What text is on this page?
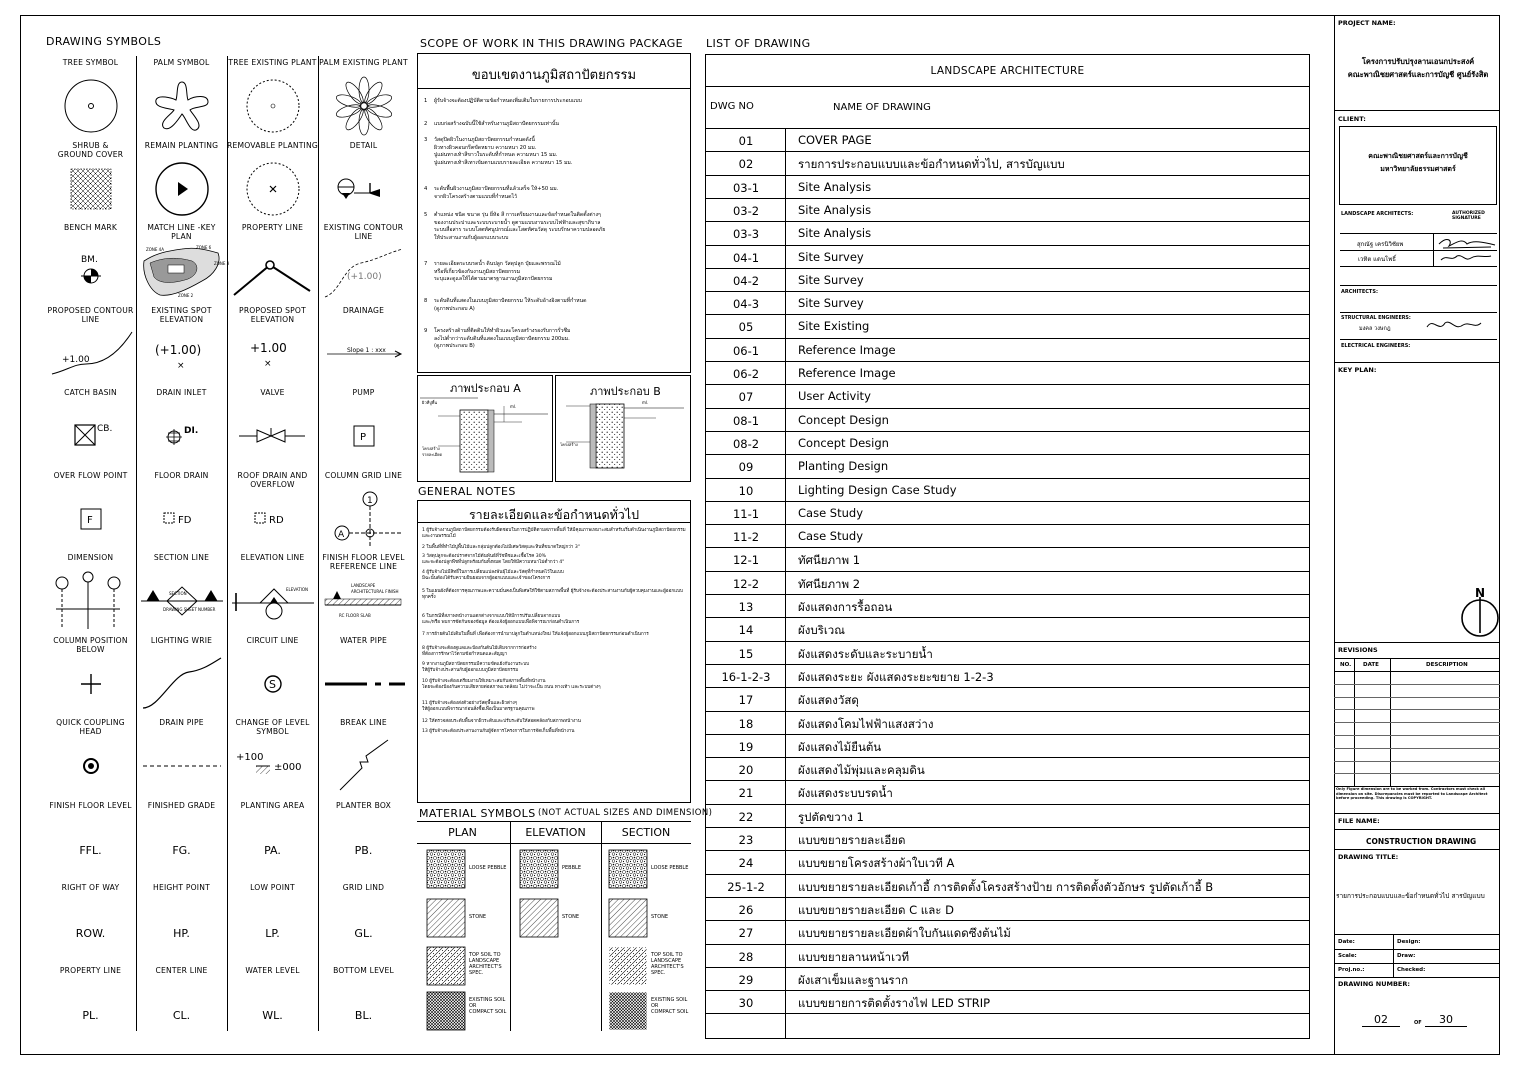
DRAWING SYMBOLS
TREE SYMBOL	PALM SYMBOL	TREE EXISTING PLANT PALM EXISTING PLANT
SHRUB &
GROUND COVER
REMAIN PLANTING	REMOVABLE PLANTING	DETAIL
BENCH MARK
BM.
MATCH LINE -KEY PLAN
ZONE 4A	ZONE 6
ZONE 3
ZONE 2
PROPERTY LINE	EXISTING CONTOUR
LINE
(+1.00)
PROPOSED CONTOUR
LINE
+1.00
EXISTING SPOT
ELEVATION
(+1.00)
×
PROPOSED SPOT
ELEVATION
+1.00
×
DRAINAGE
Slope 1 : xxx
CATCH BASIN
CB.
DRAIN INLET
DI.
VALVE	PUMP
P
OVER FLOW POINT
F
FLOOR DRAIN
FD
ROOF DRAIN AND
OVERFLOW
RD
COLUMN GRID LINE
1
A
DIMENSION	SECTION LINE
SECTION
DRAWING SHEET NUMBER
ELEVATION LINE
ELEVATION
FINISH FLOOR LEVEL
REFERENCE LINE
LANDSCAPE
ARCHITECTURAL FINISH
RC FLOOR SLAB
COLUMN POSITION
BELOW
LIGHTING WRIE	CIRCUIT LINE
S
WATER PIPE
QUICK COUPLING HEAD
DRAIN PIPE	CHANGE OF LEVEL
SYMBOL
+100
±000
BREAK LINE
FINISH FLOOR LEVEL
FFL.
FINISHED GRADE
FG.
PLANTING AREA
PA.
PLANTER BOX
PB.
RIGHT OF WAY
ROW.
HEIGHT POINT
HP.
LOW POINT
LP.
GRID LIND
GL.
PROPERTY LINE
PL.
CENTER LINE
CL.
WATER LEVEL
WL.
BOTTOM LEVEL
BL.
SCOPE OF WORK IN THIS DRAWING PACKAGE
ขอบเขตงานภูมิสถาปัตยกรรม
1 ผู้รับจ้างจะต้องปฏิบัติตามข้อกำหนดเพิ่มเติมในรายการประกอบแบบ
2 แบบก่อสร้างฉบับนี้ใช้สำหรับงานภูมิสถาปัตยกรรมเท่านั้น
3 วัสดุปิดผิวในงานภูมิสถาปัตยกรรมกำหนดดังนี้
ผิวทางผิวคอนกรีตขัดหยาบ ความหนา 20 มม.
ปูแผ่นทางเท้าสีขาวในระดับที่กำหนด ความหนา 15 มม.
ปูแผ่นทางเท้าสีเทาเข้มตามแบบรายละเอียด ความหนา 15 มม.
4 ระดับพื้นผิวงานภูมิสถาปัตยกรรมที่แล้วเสร็จ ให้+50 มม.
จากผิวโครงสร้างตามแบบที่กำหนดไว้
5 ตำแหน่ง ชนิด ขนาด รุ่น ยี่ห้อ สี การเตรียมงานและข้อกำหนดในติดตั้งต่างๆ
ของงานประปาและระบบระบายน้ำ ดูตามแบบงานระบบไฟฟ้าและสุขาภิบาล
ระบบสื่อสาร ระบบโสตทัศนูปกรณ์และโสตทัศนวัสดุ ระบบรักษาความปลอดภัย
ให้ประสานงานกับผู้ออกแบบระบบ
7 รายละเอียดระบบรดน้ำ ดินปลูก วัสดุปลูก ปุ๋ยและพรรณไม้
หรือที่เกี่ยวข้องกับงานภูมิสถาปัตยกรรม
ระบุและดูแลให้ได้ตามมาตรฐานงานภูมิสถาปัตยกรรม
8 ระดับดินที่แสดงในแบบภูมิสถาปัตยกรรม ให้ระดับอ้างอิงตามที่กำหนด
(ดูภาพประกอบ A)
9 โครงสร้างด้านที่ติดดินให้ทำผิวและโครงสร้างรองรับการรั่วซึม
ลงไปต่ำกว่าระดับดินที่แสดงในแบบภูมิสถาปัตยกรรม 200มม.
(ดูภาพประกอบ B)
ภาพประกอบ A
ผิวที่ปูพื้น
ml.
โครงสร้าง
รายละเอียด
ภาพประกอบ B
ml.
โครงสร้าง
GENERAL NOTES
รายละเอียดและข้อกำหนดทั่วไป
1 ผู้รับจ้างงานภูมิสถาปัตยกรรมต้องรับผิดชอบในการปฏิบัติตามสภาพพื้นที่ ให้มีคุณภาพเหมาะสมสำหรับเริ่มดำเนินงานภูมิสถาปัตยกรรมและงานพรรณไม้
2 ในพื้นที่ที่ทำไม้ปูพื้นไม้และกลุ่มปลูกต้องไม่มีเศษวัสดุและหินที่ขนาดใหญ่กว่า 3"
3 วัสดุปลูกจะต้องปราศจากไม้ต้นพันธ์ที่วัชพืชและเชื้อโรค 30%
และจะต้องปลูกพืชที่ปลูกพร้อมกันทั้งหมด โดยให้มีความหนาไม่ต่ำกว่า 4"
4 ผู้รับจ้างไม่มีสิทธิ์ในการเปลี่ยนแปลงพันธุ์ไม้และวัสดุที่กำหนดไว้ในแบบ
มิฉะนั้นต้องได้รับความยินยอมจากผู้ออกแบบและเจ้าของโครงการ
5 ในแผนผังที่ต้องการคุณภาพและความมั่นคงเป็นพิเศษให้ใช้ตามสภาพพื้นที่ ผู้รับจ้างจะต้องประสานงานกับผู้ควบคุมงานและผู้ออกแบบทุกครั้ง
6 ในกรณีที่สภาพหน้างานแตกต่างจากแบบให้มีการปรับเปลี่ยนจากแบบ
และ/หรือ พบการขัดกันของข้อมูล ต้องแจ้งผู้ออกแบบเพื่อพิจารณาก่อนดำเนินการ
7 การย้ายต้นไม้เดิมในพื้นที่ เพื่อต้องการนำมาปลูกในตำแหน่งใหม่ ให้แจ้งผู้ออกแบบภูมิสถาปัตยกรรมก่อนดำเนินการ
8 ผู้รับจ้างจะต้องดูแลและป้องกันต้นไม้เดิมจากการก่อสร้าง
ที่ต้องการรักษาไว้ตามข้อกำหนดและสัญญา
9 หากงานภูมิสถาปัตยกรรมมีความขัดแย้งกับงานระบบ
ให้ผู้รับจ้างประสานกับผู้ออกแบบภูมิสถาปัตยกรรม
10 ผู้รับจ้างจะต้องเตรียมงานให้เหมาะสมกับสภาพพื้นที่หน้างาน
โดยจะต้องป้องกันความเสียหายต่อสภาพแวดล้อม ไม่ว่าจะเป็น ถนน ทางเท้า และระบบต่างๆ
11 ผู้รับจ้างจะต้องส่งตัวอย่างวัสดุพื้นและผิวต่างๆ
ให้ผู้ออกแบบพิจารณาก่อนสั่งซื้อเพื่อเป็นมาตรฐานคุณภาพ
12 ให้ตรวจสอบระดับพื้นจากผิวระดับและปรับระดับให้สอดคล้องกับสภาพหน้างาน
13 ผู้รับจ้างจะต้องประสานงานกับผู้จัดการโครงการในการจัดเก็บพื้นที่หน้างาน
MATERIAL SYMBOLS (NOT ACTUAL SIZES AND DIMENSION)
PLAN	ELEVATION	SECTION
LOOSE PEBBLE
STONE
TOP SOIL TO
LANDSCAPE
ARCHITECT'S
SPEC.
EXISTING SOIL
OR
COMPACT SOIL
PEBBLE
STONE
LOOSE PEBBLE
STONE
TOP SOIL TO
LANDSCAPE
ARCHITECT'S
SPEC.
EXISTING SOIL
OR
COMPACT SOIL
LIST OF DRAWING
LANDSCAPE ARCHITECTURE
DWG NO	NAME OF DRAWING
01	COVER PAGE
02	รายการประกอบแบบและข้อกำหนดทั่วไป, สารบัญแบบ
03-1	Site Analysis
03-2	Site Analysis
03-3	Site Analysis
04-1	Site Survey
04-2	Site Survey
04-3	Site Survey
05	Site Existing
06-1	Reference Image
06-2	Reference Image
07	User Activity
08-1	Concept Design
08-2	Concept Design
09	Planting Design
10	Lighting Design Case Study
11-1	Case Study
11-2	Case Study
12-1	ทัศนียภาพ 1
12-2	ทัศนียภาพ 2
13	ผังแสดงการรื้อถอน
14	ผังบริเวณ
15	ผังแสดงระดับและระบายน้ำ
16-1-2-3	ผังแสดงระยะ ผังแสดงระยะขยาย 1-2-3
17	ผังแสดงวัสดุ
18	ผังแสดงโคมไฟฟ้าแสงสว่าง
19	ผังแสดงไม้ยืนต้น
20	ผังแสดงไม้พุ่มและคลุมดิน
21	ผังแสดงระบบรดน้ำ
22	รูปตัดขวาง 1
23	แบบขยายรายละเอียด
24	แบบขยายโครงสร้างผ้าใบเวที A
25-1-2	แบบขยายรายละเอียดเก้าอี้ การติดตั้งโครงสร้างป้าย การติดตั้งตัวอักษร รูปตัดเก้าอี้ B
26	แบบขยายรายละเอียด C และ D
27	แบบขยายรายละเอียดผ้าใบกันแดดซึงต้นไม้
28	แบบขยายลานหน้าเวที
29	ผังเสาเข็มและฐานราก
30	แบบขยายการติดตั้งรางไฟ LED STRIP
PROJECT NAME:
โครงการปรับปรุงลานเอนกประสงค์
คณะพาณิชยศาสตร์และการบัญชี ศูนย์รังสิต
CLIENT:
คณะพาณิชยศาสตร์และการบัญชี
มหาวิทยาลัยธรรมศาสตร์
LANDSCAPE ARCHITECTS:	AUTHORIZED
SIGNATURE
สุกณัฐ เครนิวิชัยพ
เวทิต แดนโพธิ์
ARCHITECTS:
STRUCTURAL ENGINEERS:
มงคล วงษกฎ
ELECTRICAL ENGINEERS:
KEY PLAN:
N
REVISIONS
NO. DATE	DESCRIPTION
Only Figure dimension are to be worked from. Contractors must check all dimension on site. Discrepancies must be reported to Landscape Architect before proceeding. This drawing is COPYRIGHT.
FILE NAME:
CONSTRUCTION DRAWING
DRAWING TITLE:
รายการประกอบแบบและข้อกำหนดทั่วไป สารบัญแบบ
Date:	Design:
Scale:	Draw:
Proj.no.:	Checked:
DRAWING NUMBER:
02	OF	30
